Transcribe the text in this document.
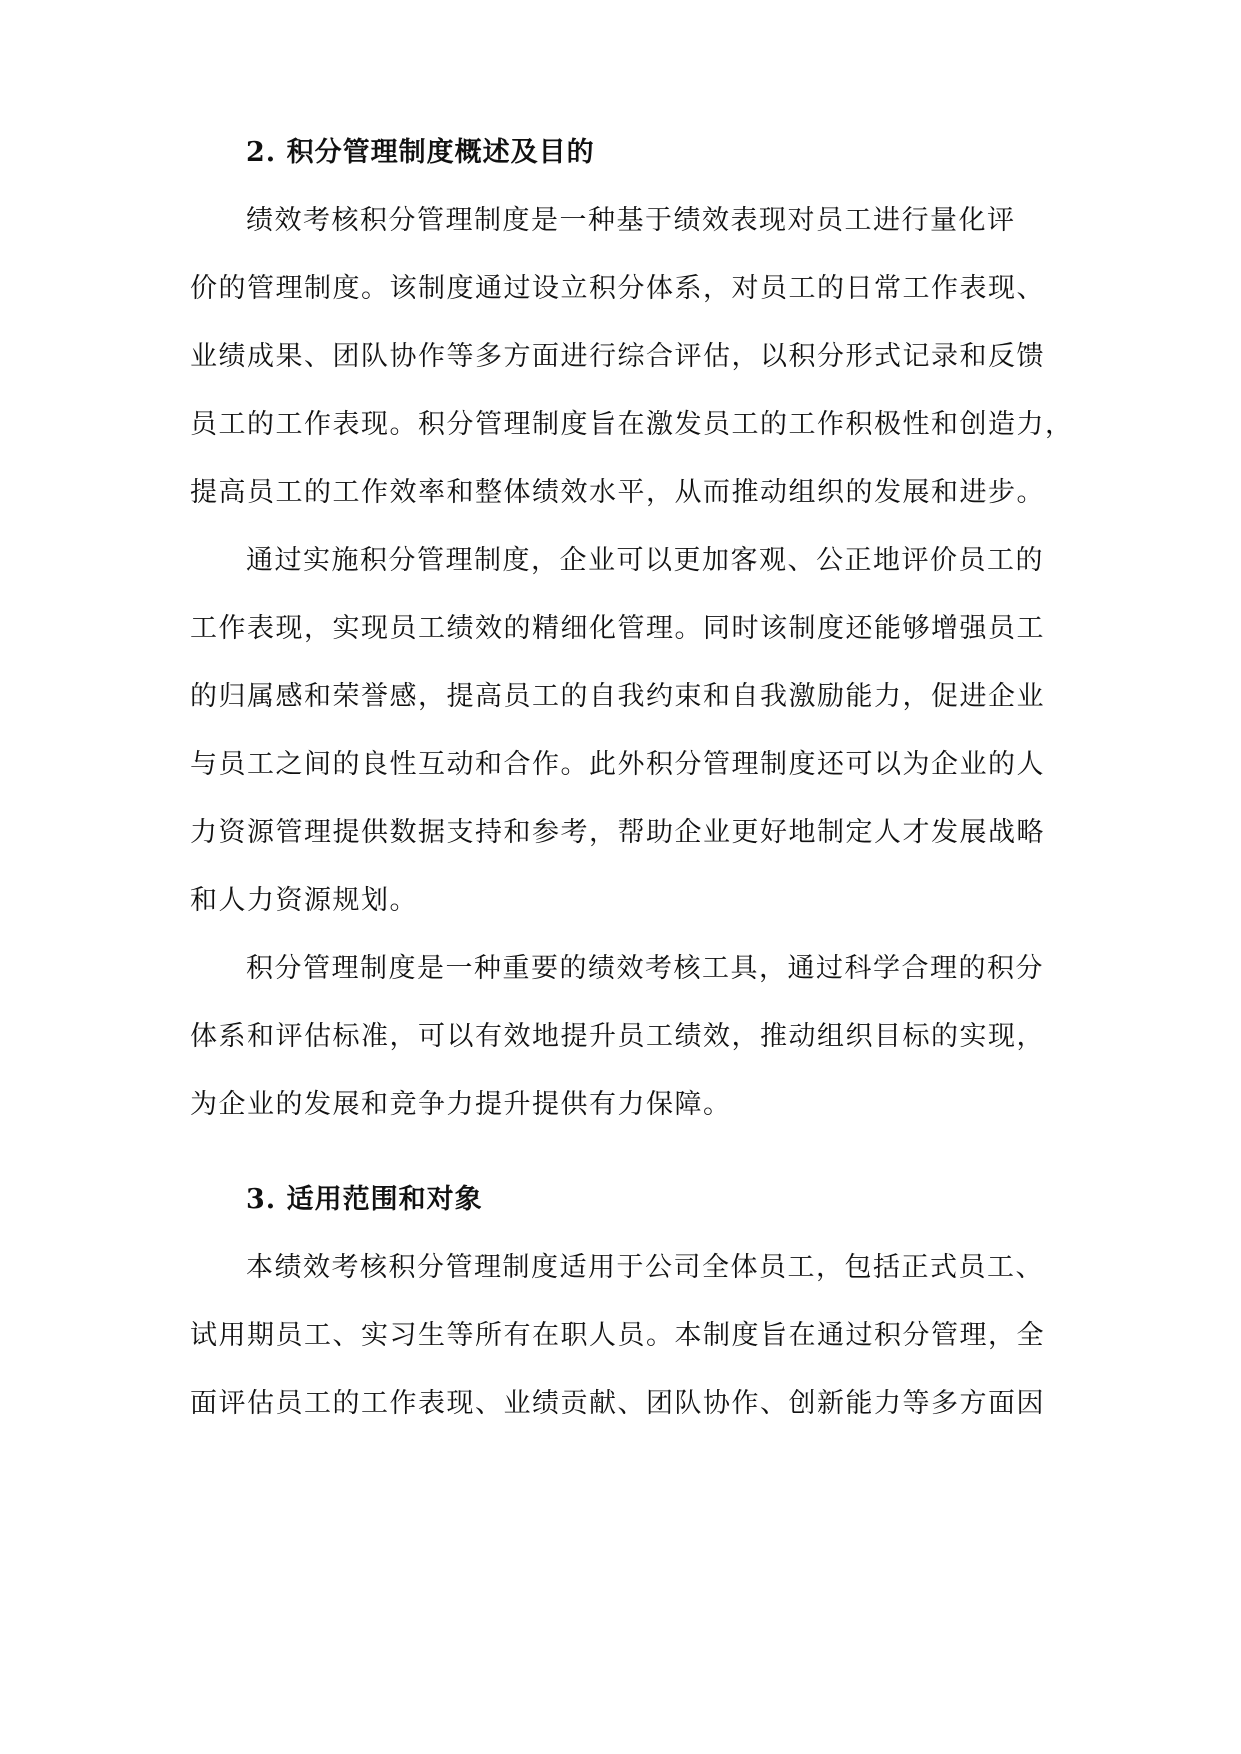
2. 积分管理制度概述及目的
绩效考核积分管理制度是一种基于绩效表现对员工进行量化评
价的管理制度。该制度通过设立积分体系，对员工的日常工作表现、
业绩成果、团队协作等多方面进行综合评估，以积分形式记录和反馈
员工的工作表现。积分管理制度旨在激发员工的工作积极性和创造力，
提高员工的工作效率和整体绩效水平，从而推动组织的发展和进步。
通过实施积分管理制度，企业可以更加客观、公正地评价员工的
工作表现，实现员工绩效的精细化管理。同时该制度还能够增强员工
的归属感和荣誉感，提高员工的自我约束和自我激励能力，促进企业
与员工之间的良性互动和合作。此外积分管理制度还可以为企业的人
力资源管理提供数据支持和参考，帮助企业更好地制定人才发展战略
和人力资源规划。
积分管理制度是一种重要的绩效考核工具，通过科学合理的积分
体系和评估标准，可以有效地提升员工绩效，推动组织目标的实现，
为企业的发展和竞争力提升提供有力保障。
3. 适用范围和对象
本绩效考核积分管理制度适用于公司全体员工，包括正式员工、
试用期员工、实习生等所有在职人员。本制度旨在通过积分管理，全
面评估员工的工作表现、业绩贡献、团队协作、创新能力等多方面因
